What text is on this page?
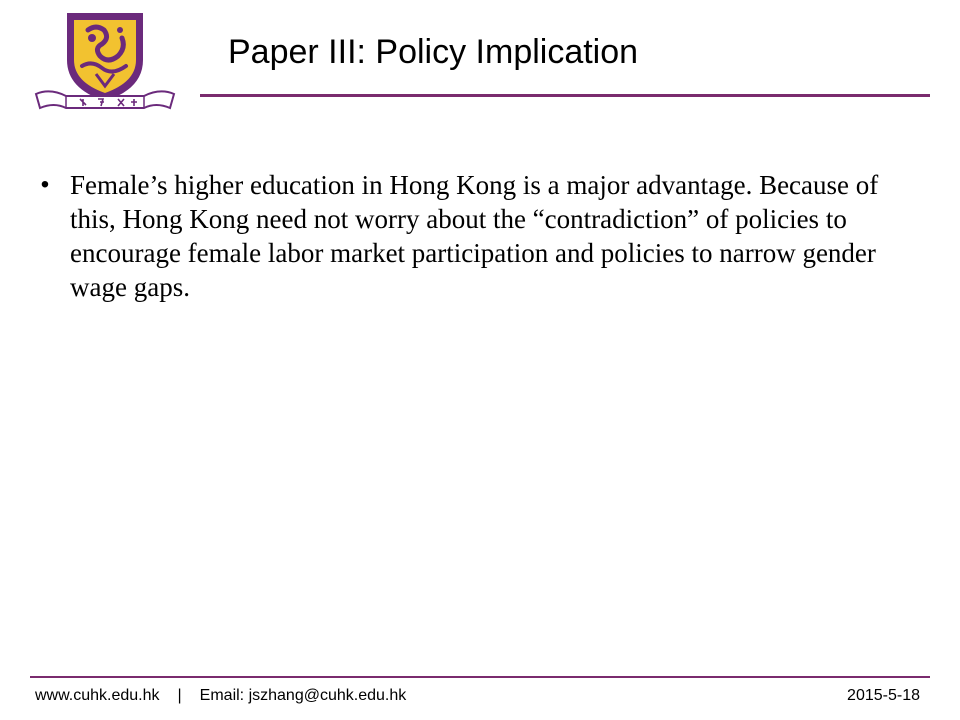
Paper III: Policy Implication
• Female’s higher education in Hong Kong is a major advantage. Because of this, Hong Kong need not worry about the “contradiction” of policies to encourage female labor market participation and policies to narrow gender wage gaps.
www.cuhk.edu.hk | Email: jszhang@cuhk.edu.hk	2015-5-18
